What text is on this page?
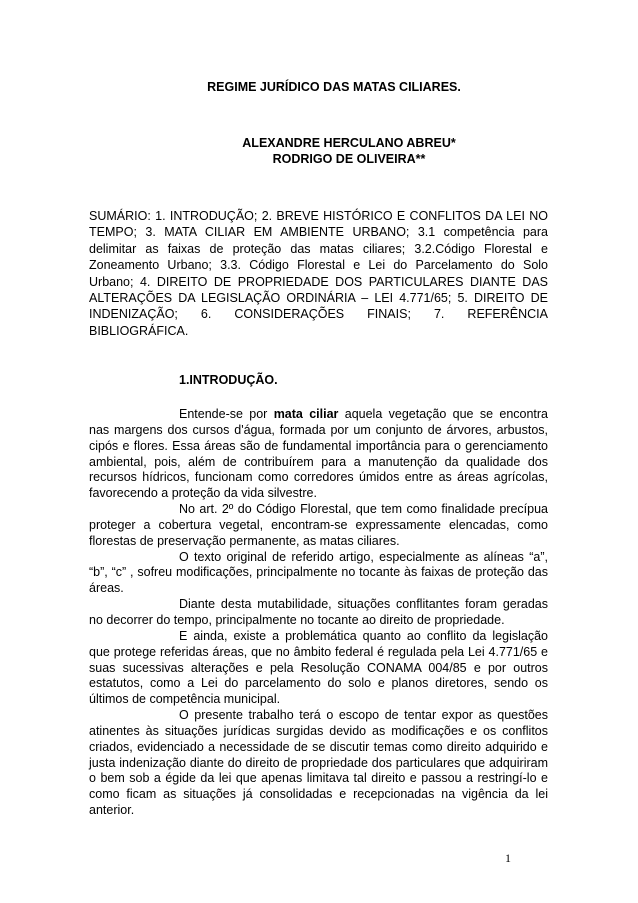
REGIME JURÍDICO DAS MATAS CILIARES.
ALEXANDRE HERCULANO ABREU*
RODRIGO DE OLIVEIRA**
SUMÁRIO: 1. INTRODUÇÃO; 2. BREVE HISTÓRICO E CONFLITOS DA LEI NO TEMPO; 3. MATA CILIAR EM AMBIENTE URBANO; 3.1 competência para delimitar as faixas de proteção das matas ciliares; 3.2.Código Florestal e Zoneamento Urbano; 3.3. Código Florestal e Lei do Parcelamento do Solo Urbano; 4. DIREITO DE PROPRIEDADE DOS PARTICULARES DIANTE DAS ALTERAÇÕES DA LEGISLAÇÃO ORDINÁRIA – LEI 4.771/65; 5. DIREITO DE INDENIZAÇÃO; 6. CONSIDERAÇÕES FINAIS; 7. REFERÊNCIA BIBLIOGRÁFICA.
1.INTRODUÇÃO.

Entende-se por mata ciliar aquela vegetação que se encontra nas margens dos cursos d'água, formada por um conjunto de árvores, arbustos, cipós e flores. Essa áreas são de fundamental importância para o gerenciamento ambiental, pois, além de contribuírem para a manutenção da qualidade dos recursos hídricos, funcionam como corredores úmidos entre as áreas agrícolas, favorecendo a proteção da vida silvestre.

No art. 2º do Código Florestal, que tem como finalidade precípua proteger a cobertura vegetal, encontram-se expressamente elencadas, como florestas de preservação permanente, as matas ciliares.

O texto original de referido artigo, especialmente as alíneas “a”, “b”, “c” , sofreu modificações, principalmente no tocante às faixas de proteção das áreas.

Diante desta mutabilidade, situações conflitantes foram geradas no decorrer do tempo, principalmente no tocante ao direito de propriedade.

E ainda, existe a problemática quanto ao conflito da legislação que protege referidas áreas, que no âmbito federal é regulada pela Lei 4.771/65 e suas sucessivas alterações e pela Resolução CONAMA 004/85 e por outros estatutos, como a Lei do parcelamento do solo e planos diretores, sendo os últimos de competência municipal.

O presente trabalho terá o escopo de tentar expor as questões atinentes às situações jurídicas surgidas devido as modificações e os conflitos criados, evidenciado a necessidade de se discutir temas como direito adquirido e justa indenização diante do direito de propriedade dos particulares que adquiriram o bem sob a égide da lei que apenas limitava tal direito e passou a restringí-lo e como ficam as situações já consolidadas e recepcionadas na vigência da lei anterior.

1
